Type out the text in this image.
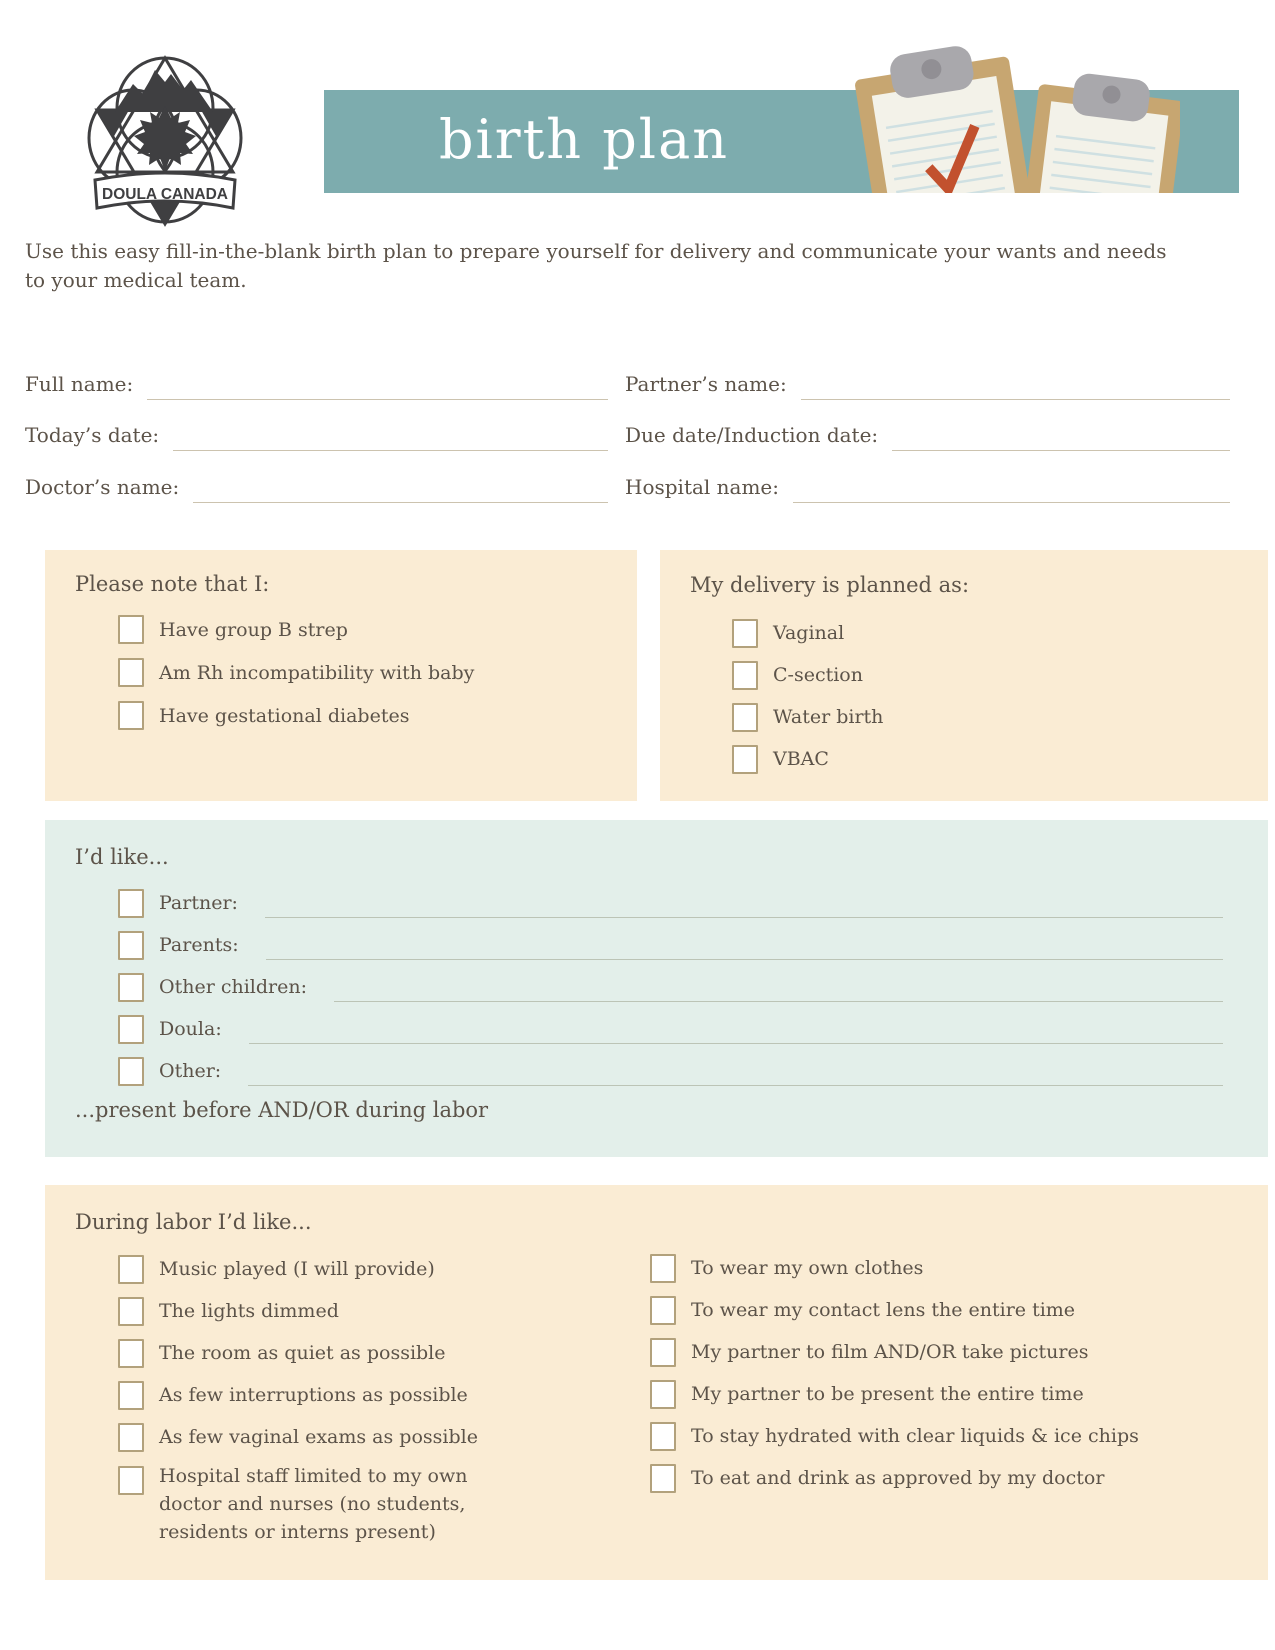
DOULA CANADA
birth plan
Use this easy fill-in-the-blank birth plan to prepare yourself for delivery and communicate your wants and needs
to your medical team.
Full name:	Partner’s name:
Today’s date:	Due date/Induction date:
Doctor’s name:	Hospital name:
Please note that I:
Have group B strep
Am Rh incompatibility with baby
Have gestational diabetes
My delivery is planned as:
Vaginal
C-section
Water birth
VBAC
I’d like...
Partner:
Parents:
Other children:
Doula:
Other:
...present before AND/OR during labor
During labor I’d like...
Music played (I will provide)
The lights dimmed
The room as quiet as possible
As few interruptions as possible
As few vaginal exams as possible
Hospital staff limited to my own doctor and nurses (no students, residents or interns present)
To wear my own clothes
To wear my contact lens the entire time
My partner to film AND/OR take pictures
My partner to be present the entire time
To stay hydrated with clear liquids & ice chips
To eat and drink as approved by my doctor
